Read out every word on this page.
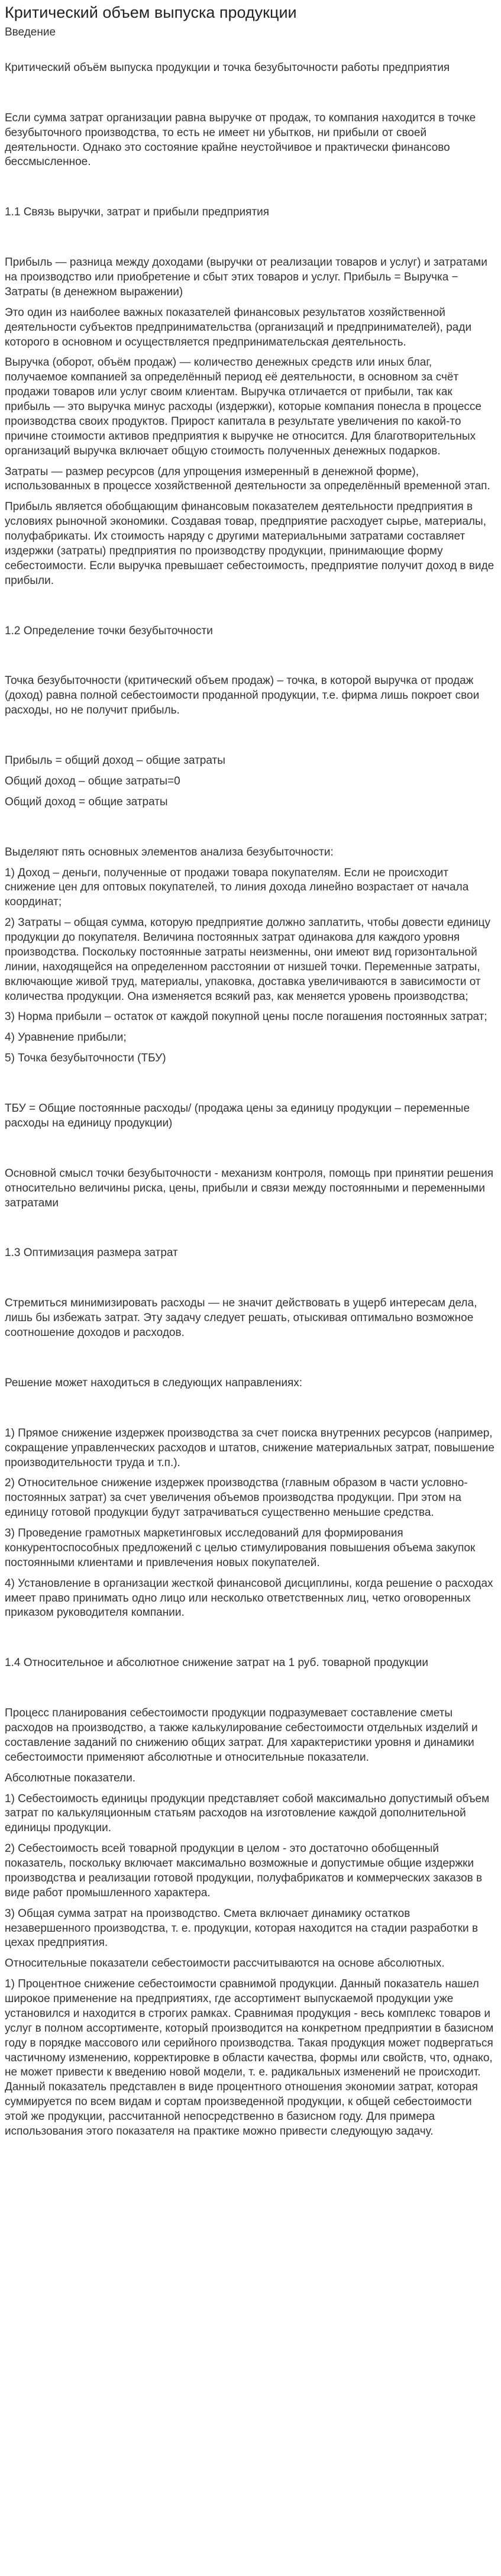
Критический объем выпуска продукции

Введение

Критический объём выпуска продукции и точка безубыточности работы предприятия

Если сумма затрат организации равна выручке от продаж, то компания находится в точке безубыточного производства, то есть не имеет ни убытков, ни прибыли от своей деятельности. Однако это состояние крайне неустойчивое и практически финансово бессмысленное.

1.1 Связь выручки, затрат и прибыли предприятия

Прибыль — разница между доходами (выручки от реализации товаров и услуг) и затратами на производство или приобретение и сбыт этих товаров и услуг. Прибыль = Выручка − Затраты (в денежном выражении)

Это один из наиболее важных показателей финансовых результатов хозяйственной деятельности субъектов предпринимательства (организаций и предпринимателей), ради которого в основном и осуществляется предпринимательская деятельность.

Выручка (оборот, объём продаж) — количество денежных средств или иных благ, получаемое компанией за определённый период её деятельности, в основном за счёт продажи товаров или услуг своим клиентам. Выручка отличается от прибыли, так как прибыль — это выручка минус расходы (издержки), которые компания понесла в процессе производства своих продуктов. Прирост капитала в результате увеличения по какой-то причине стоимости активов предприятия к выручке не относится. Для благотворительных организаций выручка включает общую стоимость полученных денежных подарков.

Затраты — размер ресурсов (для упрощения измеренный в денежной форме), использованных в процессе хозяйственной деятельности за определённый временной этап.

Прибыль является обобщающим финансовым показателем деятельности предприятия в условиях рыночной экономики. Создавая товар, предприятие расходует сырье, материалы, полуфабрикаты. Их стоимость наряду с другими материальными затратами составляет издержки (затраты) предприятия по производству продукции, принимающие форму себестоимости. Если выручка превышает себестоимость, предприятие получит доход в виде прибыли.

1.2 Определение точки безубыточности

Точка безубыточности (критический объем продаж) – точка, в которой выручка от продаж (доход) равна полной себестоимости проданной продукции, т.е. фирма лишь покроет свои расходы, но не получит прибыль.

Прибыль = общий доход – общие затраты

Общий доход – общие затраты=0

Общий доход = общие затраты

Выделяют пять основных элементов анализа безубыточности:

1) Доход – деньги, полученные от продажи товара покупателям. Если не происходит снижение цен для оптовых покупателей, то линия дохода линейно возрастает от начала координат;

2) Затраты – общая сумма, которую предприятие должно заплатить, чтобы довести единицу продукции до покупателя. Величина постоянных затрат одинакова для каждого уровня производства. Поскольку постоянные затраты неизменны, они имеют вид горизонтальной линии, находящейся на определенном расстоянии от низшей точки. Переменные затраты, включающие живой труд, материалы, упаковка, доставка увеличиваются в зависимости от количества продукции. Она изменяется всякий раз, как меняется уровень производства;

3) Норма прибыли – остаток от каждой покупной цены после погашения постоянных затрат;

4) Уравнение прибыли;

5) Точка безубыточности (ТБУ)

ТБУ = Общие постоянные расходы/ (продажа цены за единицу продукции – переменные расходы на единицу продукции)

Основной смысл точки безубыточности - механизм контроля, помощь при принятии решения относительно величины риска, цены, прибыли и связи между постоянными и переменными затратами

1.3 Оптимизация размера затрат

Стремиться минимизировать расходы — не значит действовать в ущерб интересам дела, лишь бы избежать затрат. Эту задачу следует решать, отыскивая оптимально возможное соотношение доходов и расходов.

Решение может находиться в следующих направлениях:

1) Прямое снижение издержек производства за счет поиска внутренних ресурсов (например, сокращение управленческих расходов и штатов, снижение материальных затрат, повышение производительности труда и т.п.).

2) Относительное снижение издержек производства (главным образом в части условно-постоянных затрат) за счет увеличения объемов производства продукции. При этом на единицу готовой продукции будут затрачиваться существенно меньшие средства.

3) Проведение грамотных маркетинговых исследований для формирования конкурентоспособных предложений с целью стимулирования повышения объема закупок постоянными клиентами и привлечения новых покупателей.

4) Установление в организации жесткой финансовой дисциплины, когда решение о расходах имеет право принимать одно лицо или несколько ответственных лиц, четко оговоренных приказом руководителя компании.

1.4 Относительное и абсолютное снижение затрат на 1 руб. товарной продукции

Процесс планирования себестоимости продукции подразумевает составление сметы расходов на производство, а также калькулирование себестоимости отдельных изделий и составление заданий по снижению общих затрат. Для характеристики уровня и динамики себестоимости применяют абсолютные и относительные показатели.

Абсолютные показатели.

1) Себестоимость единицы продукции представляет собой максимально допустимый объем затрат по калькуляционным статьям расходов на изготовление каждой дополнительной единицы продукции.

2) Себестоимость всей товарной продукции в целом - это достаточно обобщенный показатель, поскольку включает максимально возможные и допустимые общие издержки производства и реализации готовой продукции, полуфабрикатов и коммерческих заказов в виде работ промышленного характера.

3) Общая сумма затрат на производство. Смета включает динамику остатков незавершенного производства, т. е. продукции, которая находится на стадии разработки в цехах предприятия.

Относительные показатели себестоимости рассчитываются на основе абсолютных.

1) Процентное снижение себестоимости сравнимой продукции. Данный показатель нашел широкое применение на предприятиях, где ассортимент выпускаемой продукции уже установился и находится в строгих рамках. Сравнимая продукция - весь комплекс товаров и услуг в полном ассортименте, который производится на конкретном предприятии в базисном году в порядке массового или серийного производства. Такая продукция может подвергаться частичному изменению, корректировке в области качества, формы или свойств, что, однако, не может привести к введению новой модели, т. е. радикальных изменений не происходит. Данный показатель представлен в виде процентного отношения экономии затрат, которая суммируется по всем видам и сортам произведенной продукции, к общей себестоимости этой же продукции, рассчитанной непосредственно в базисном году. Для примера использования этого показателя на практике можно привести следующую задачу.
